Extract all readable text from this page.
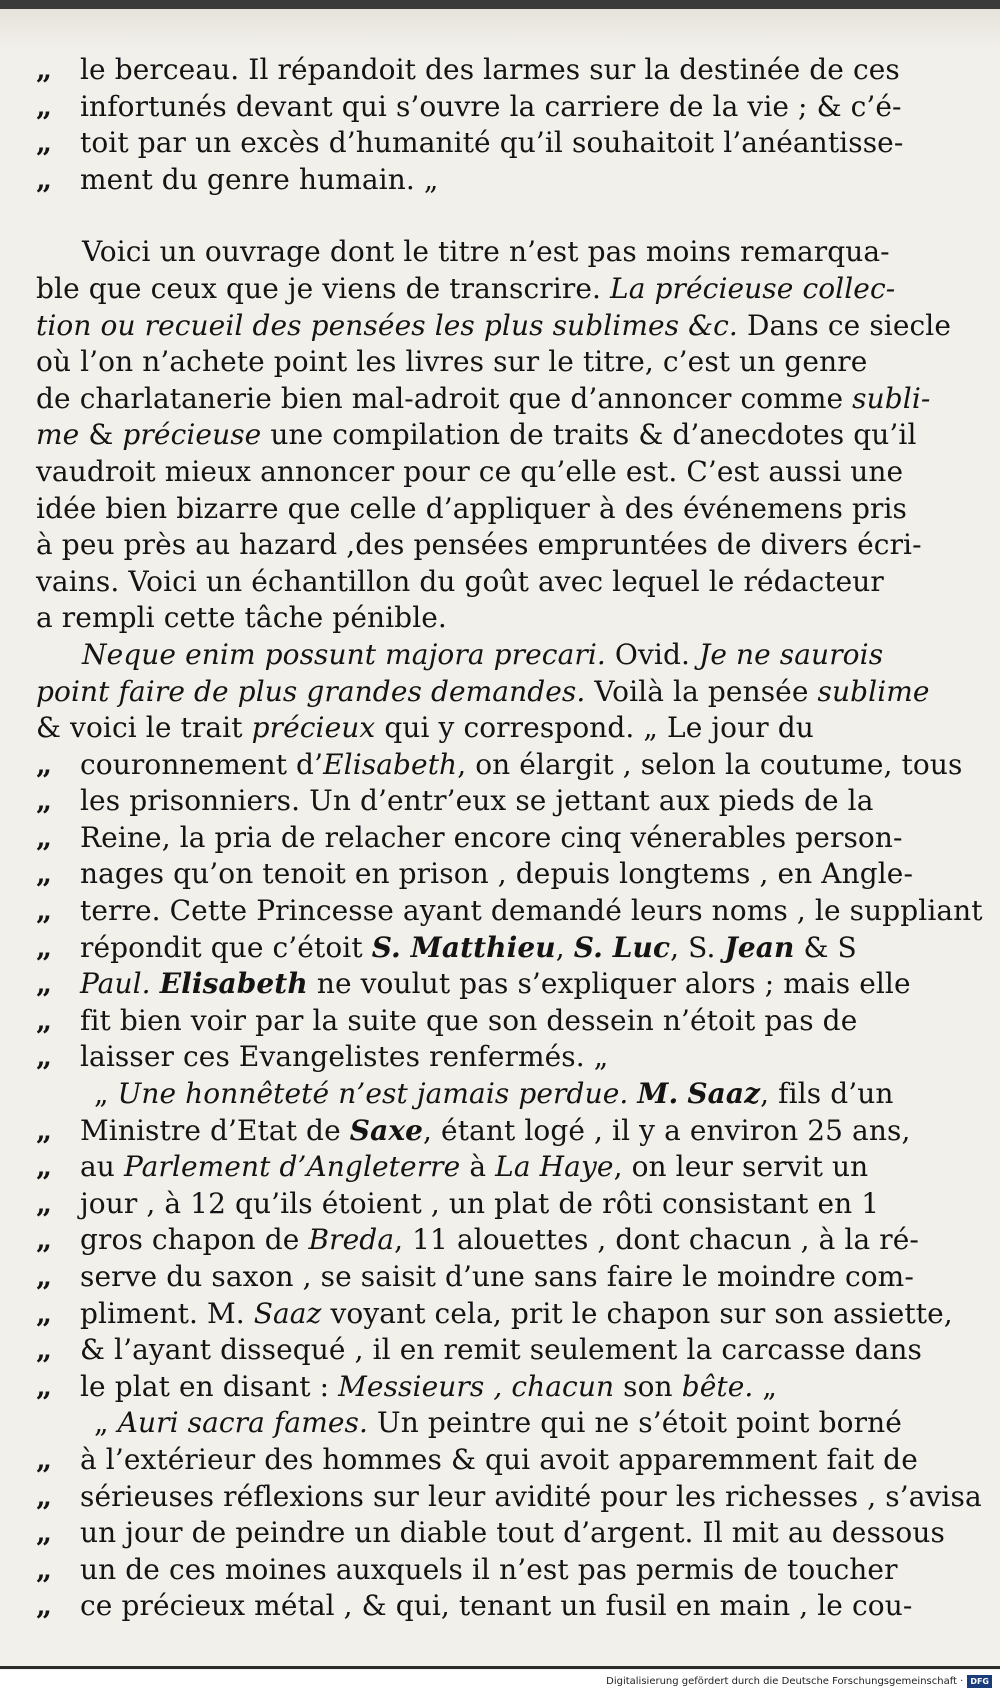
„ le berceau. Il répandoit des larmes sur la destinée de ces
„ infortunés devant qui s’ouvre la carriere de la vie ; & c’é-
„ toit par un excès d’humanité qu’il souhaitoit l’anéantisse-
„ ment du genre humain. „

Voici un ouvrage dont le titre n’est pas moins remarqua-
ble que ceux que je viens de transcrire. La précieuse collec-
tion ou recueil des pensées les plus sublimes &c. Dans ce siecle
où l’on n’achete point les livres sur le titre, c’est un genre
de charlatanerie bien mal-adroit que d’annoncer comme subli-
me & précieuse une compilation de traits & d’anecdotes qu’il
vaudroit mieux annoncer pour ce qu’elle est. C’est aussi une
idée bien bizarre que celle d’appliquer à des événemens pris
à peu près au hazard ,des pensées empruntées de divers écri-
vains. Voici un échantillon du goût avec lequel le rédacteur
a rempli cette tâche pénible.

Neque enim possunt majora precari. Ovid. Je ne saurois
point faire de plus grandes demandes. Voilà la pensée sublime
& voici le trait précieux qui y correspond. „ Le jour du
„ couronnement d’Elisabeth, on élargit , selon la coutume, tous
„ les prisonniers. Un d’entr’eux se jettant aux pieds de la
„ Reine, la pria de relacher encore cinq vénerables person-
„ nages qu’on tenoit en prison , depuis longtems , en Angle-
„ terre. Cette Princesse ayant demandé leurs noms , le suppliant
„ répondit que c’étoit S. Matthieu, S. Luc, S. Jean & S
„ Paul. Elisabeth ne voulut pas s’expliquer alors ; mais elle
„ fit bien voir par la suite que son dessein n’étoit pas de
„ laisser ces Evangelistes renfermés. „

„ Une honnêteté n’est jamais perdue. M. Saaz, fils d’un
„ Ministre d’Etat de Saxe, étant logé , il y a environ 25 ans,
„ au Parlement d’Angleterre à La Haye, on leur servit un
„ jour , à 12 qu’ils étoient , un plat de rôti consistant en 1
„ gros chapon de Breda, 11 alouettes , dont chacun , à la ré-
„ serve du saxon , se saisit d’une sans faire le moindre com-
„ pliment. M. Saaz voyant cela, prit le chapon sur son assiette,
„ & l’ayant dissequé , il en remit seulement la carcasse dans
„ le plat en disant : Messieurs , chacun son bête. „

„ Auri sacra fames. Un peintre qui ne s’étoit point borné
„ à l’extérieur des hommes & qui avoit apparemment fait de
„ sérieuses réflexions sur leur avidité pour les richesses , s’avisa
„ un jour de peindre un diable tout d’argent. Il mit au dessous
„ un de ces moines auxquels il n’est pas permis de toucher
„ ce précieux métal , & qui, tenant un fusil en main , le cou-

Digitalisierung gefördert durch die Deutsche Forschungsgemeinschaft · DFG
